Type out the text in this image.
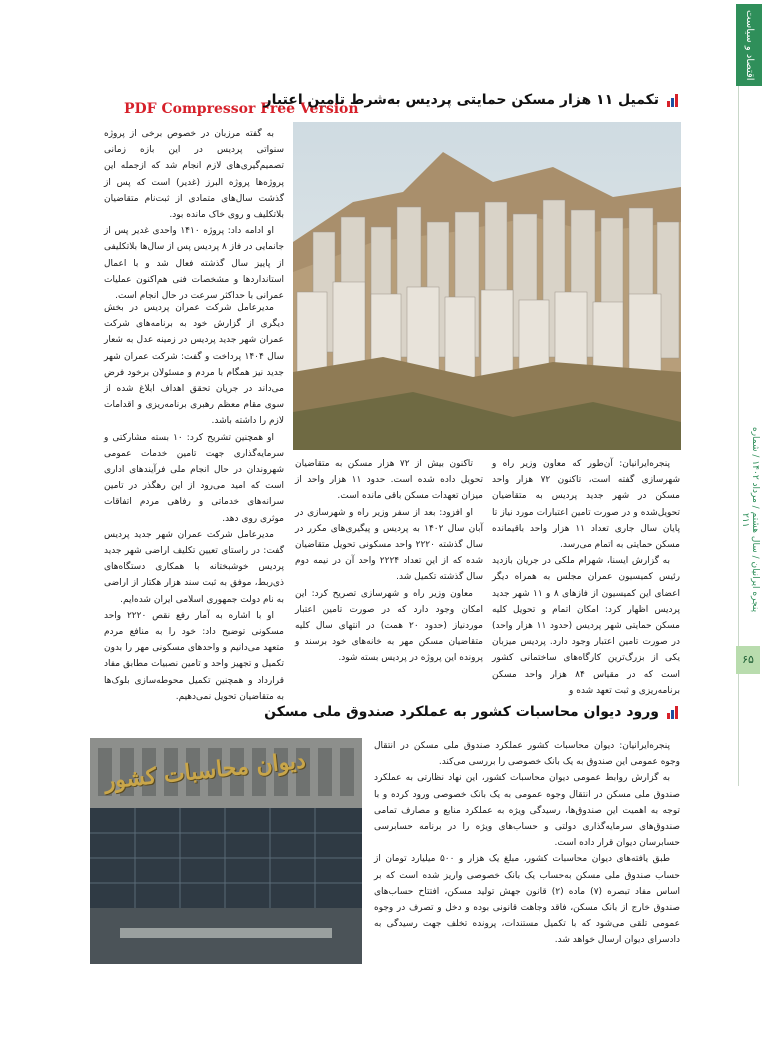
اقتصاد و سیاست
پنجره ایرانیان / سال هشتم / مرداد ۱۴۰۲ / شماره ۲۱۱
۶۵
PDF Compressor Free Version
تکمیل ۱۱ هزار مسکن حمایتی پردیس به‌شرط تامین اعتبار

پنجره‌ایرانیان: آن‌طور که معاون وزیر راه و شهرسازی گفته است، تاکنون ۷۲ هزار واحد مسکن در شهر جدید پردیس به متقاضیان تحویل‌شده و در صورت تامین اعتبارات مورد نیاز تا پایان سال جاری تعداد ۱۱ هزار واحد باقیمانده مسکن حمایتی به اتمام می‌رسد.

به گزارش ایسنا، شهرام ملکی در جریان بازدید رئیس کمیسیون عمران مجلس به همراه دیگر اعضای این کمیسیون از فازهای ۸ و ۱۱ شهر جدید پردیس اظهار کرد: امکان اتمام و تحویل کلیه مسکن حمایتی شهر پردیس (حدود ۱۱ هزار واحد) در صورت تامین اعتبار وجود دارد. پردیس میزبان یکی از بزرگ‌ترین کارگاه‌های ساختمانی کشور است که در مقیاس ۸۴ هزار واحد مسکن برنامه‌ریزی و ثبت تعهد شده و

تاکنون بیش از ۷۲ هزار مسکن به متقاضیان تحویل داده شده است. حدود ۱۱ هزار واحد از میزان تعهدات مسکن باقی مانده است.

او افزود: بعد از سفر وزیر راه و شهرسازی در آبان سال ۱۴۰۲ به پردیس و پیگیری‌های مکرر در سال گذشته ۲۲۲۰ واحد مسکونی تحویل متقاضیان شده که از این تعداد ۲۲۲۴ واحد آن در نیمه دوم سال گذشته تکمیل شد.

معاون وزیر راه و شهرسازی تصریح کرد: این امکان وجود دارد که در صورت تامین اعتبار موردنیاز (حدود ۲۰ همت) در انتهای سال کلیه متقاضیان مسکن مهر به خانه‌های خود برسند و پرونده این پروژه در پردیس بسته شود.

به گفته مرزبان در خصوص برخی از پروژه سنواتی پردیس در این بازه زمانی تصمیم‌گیری‌های لازم انجام شد که ازجمله این پروژه‌ها پروژه البرز (غدیر) است که پس از گذشت سال‌های متمادی از ثبت‌نام متقاضیان بلاتکلیف و روی خاک مانده بود.

او ادامه داد: پروژه ۱۴۱۰ واحدی غدیر پس از جانمایی در فاز ۸ پردیس پس از سال‌ها بلاتکلیفی از پاییز سال گذشته فعال شد و با اعمال استانداردها و مشخصات فنی هم‌اکنون عملیات عمرانی با حداکثر سرعت در حال انجام است.

مدیرعامل شرکت عمران پردیس در بخش دیگری از گزارش خود به برنامه‌های شرکت عمران شهر جدید پردیس در زمینه عدل به شعار سال ۱۴۰۴ پرداخت و گفت: شرکت عمران شهر جدید نیز همگام با مردم و مسئولان برخود فرض می‌داند در جریان تحقق اهداف ابلاغ شده از سوی مقام معظم رهبری برنامه‌ریزی و اقدامات لازم را داشته باشد.

او همچنین تشریح کرد: ۱۰ بسته مشارکتی و سرمایه‌گذاری جهت تامین خدمات عمومی شهروندان در حال انجام ملی فرآیندهای اداری است که امید می‌رود از این رهگذر در تامین سرانه‌های خدماتی و رفاهی مردم اتفاقات موثری روی دهد.

مدیرعامل شرکت عمران شهر جدید پردیس گفت: در راستای تعیین تکلیف اراضی شهر جدید پردیس خوشبختانه با همکاری دستگاه‌های ذی‌ربط، موفق به ثبت سند هزار هکتار از اراضی به نام دولت جمهوری اسلامی ایران شده‌ایم.

او با اشاره به آمار رفع نقص ۲۲۲۰ واحد مسکونی توضیح داد: خود را به منافع مردم متعهد می‌دانیم و واحدهای مسکونی مهر را بدون تکمیل و تجهیز واحد و تامین نصبیات مطابق مفاد قرارداد و همچنین تکمیل محوطه‌سازی بلوک‌ها به متقاضیان تحویل نمی‌دهیم.

ورود دیوان محاسبات کشور به عملکرد صندوق ملی مسکن
دیوان محاسبات کشور

پنجره‌ایرانیان: دیوان محاسبات کشور عملکرد صندوق ملی مسکن در انتقال وجوه عمومی این صندوق به یک بانک خصوصی را بررسی می‌کند.

به گزارش روابط عمومی دیوان محاسبات کشور، این نهاد نظارتی به عملکرد صندوق ملی مسکن در انتقال وجوه عمومی به یک بانک خصوصی ورود کرده و با توجه به اهمیت این صندوق‌ها، رسیدگی ویژه به عملکرد منابع و مصارف تمامی صندوق‌های سرمایه‌گذاری دولتی و حساب‌های ویژه را در برنامه حسابرسی حسابرسان دیوان قرار داده است.

طبق یافته‌های دیوان محاسبات کشور، مبلغ یک هزار و ۵۰۰ میلیارد تومان از حساب صندوق ملی مسکن به‌حساب یک بانک خصوصی واریز شده است که بر اساس مفاد تبصره (۷) ماده (۲) قانون جهش تولید مسکن، افتتاح حساب‌های صندوق خارج از بانک مسکن، فاقد وجاهت قانونی بوده و دخل و تصرف در وجوه عمومی تلقی می‌شود که با تکمیل مستندات، پرونده تخلف جهت رسیدگی به دادسرای دیوان ارسال خواهد شد.
